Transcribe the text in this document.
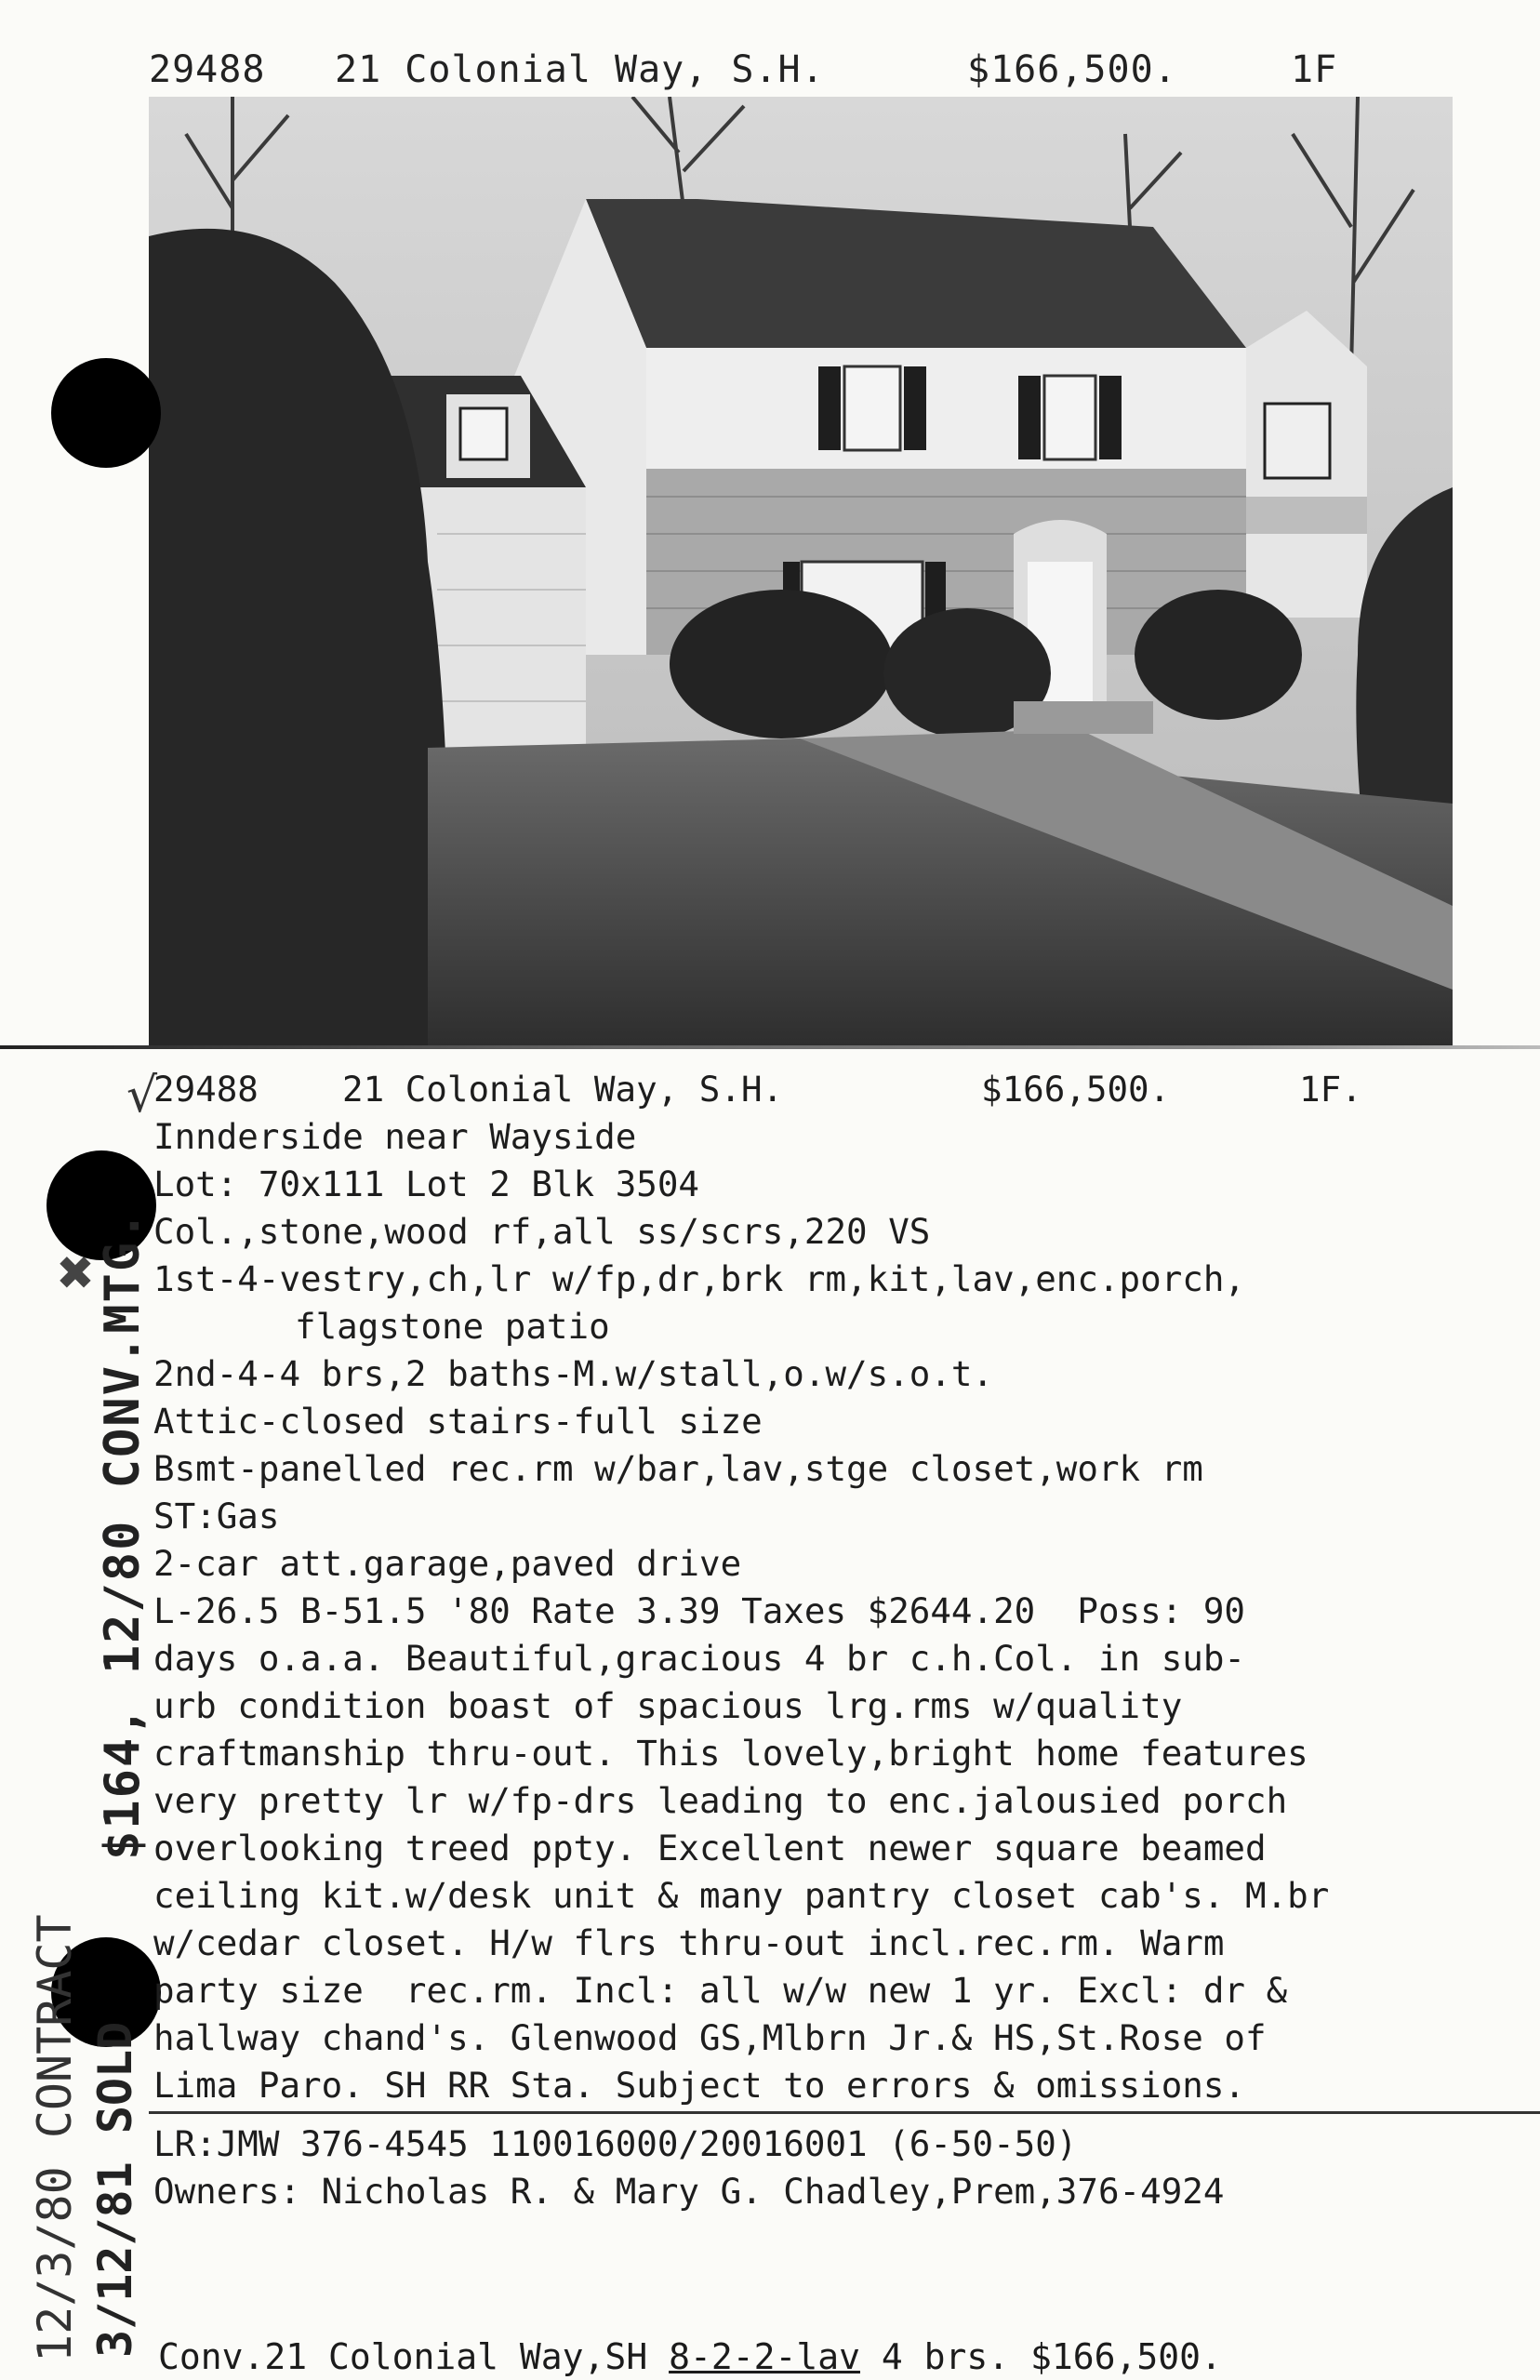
29488

21 Colonial Way, S.H.

	$166,500.

	1F

√
✖
29488 21 Colonial Way, S.H.	$166,500.	1F.
Innderside near Wayside
Lot: 70x111 Lot 2 Blk 3504
Col.,stone,wood rf,all ss/scrs,220 VS
1st-4-vestry,ch,lr w/fp,dr,brk rm,kit,lav,enc.porch,
flagstone patio
2nd-4-4 brs,2 baths-M.w/stall,o.w/s.o.t.
Attic-closed stairs-full size
Bsmt-panelled rec.rm w/bar,lav,stge closet,work rm
ST:Gas
2-car att.garage,paved drive
L-26.5 B-51.5 '80 Rate 3.39 Taxes $2644.20  Poss: 90
days o.a.a. Beautiful,gracious 4 br c.h.Col. in sub-
urb condition boast of spacious lrg.rms w/quality
craftmanship thru-out. This lovely,bright home features
very pretty lr w/fp-drs leading to enc.jalousied porch
overlooking treed ppty. Excellent newer square beamed
ceiling kit.w/desk unit & many pantry closet cab's. M.br
w/cedar closet. H/w flrs thru-out incl.rec.rm. Warm
party size  rec.rm. Incl: all w/w new 1 yr. Excl: dr &
hallway chand's. Glenwood GS,Mlbrn Jr.& HS,St.Rose of
Lima Paro. SH RR Sta. Subject to errors & omissions.
LR:JMW 376-4545 110016000/20016001 (6-50-50)
Owners: Nicholas R. & Mary G. Chadley,Prem,376-4924
$164, 12/80 CONV.MTG.
12/3/80 CONTRACT 3/12/81 SOLD Conv.21 Colonial Way,SH 8-2-2-lav 4 brs. $166,500.
